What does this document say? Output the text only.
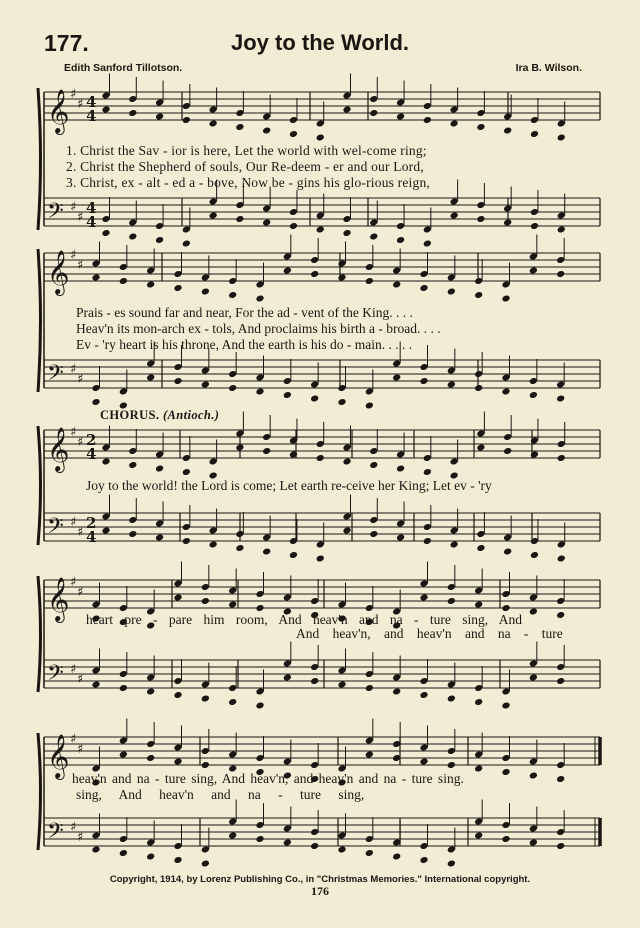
177.	Joy to the World.
Edith Sanford Tillotson.	Ira B. Wilson.
𝄞 ♯
♯ 4
4
𝄢 ♯
♯
4
4
𝄞 ♯
♯
𝄢 ♯
♯
𝄞 ♯
♯ 2
4
𝄢 ♯
♯
2
4
𝄞 ♯
♯
𝄢 ♯
♯
𝄞 ♯
♯
𝄢 ♯
♯
1. Christ the Sav - ior is here, Let the world with wel-come ring;
2. Christ the Shepherd of souls, Our Re-deem - er and our Lord,
3. Christ, ex - alt - ed a - bove, Now be - gins his glo-rious reign,
Prais - es sound far and near, For the ad - vent of the King. . . .
Heav'n its mon-arch ex - tols, And proclaims his birth a - broad. . . .
Ev - 'ry heart is his throne, And the earth is his do - main. . . . .
CHORUS. (Antioch.)
Joy to the world! the Lord is come; Let earth re-ceive her King; Let ev - 'ry
heart pre - pare him room, And heav'n and na - ture sing, And
And heav'n, and heav'n and na - ture
heav'n and na - ture sing, And heav'n, and heav'n and na - ture sing.
sing, And heav'n and na - ture sing,
Copyright, 1914, by Lorenz Publishing Co., in "Christmas Memories." International copyright.
176
